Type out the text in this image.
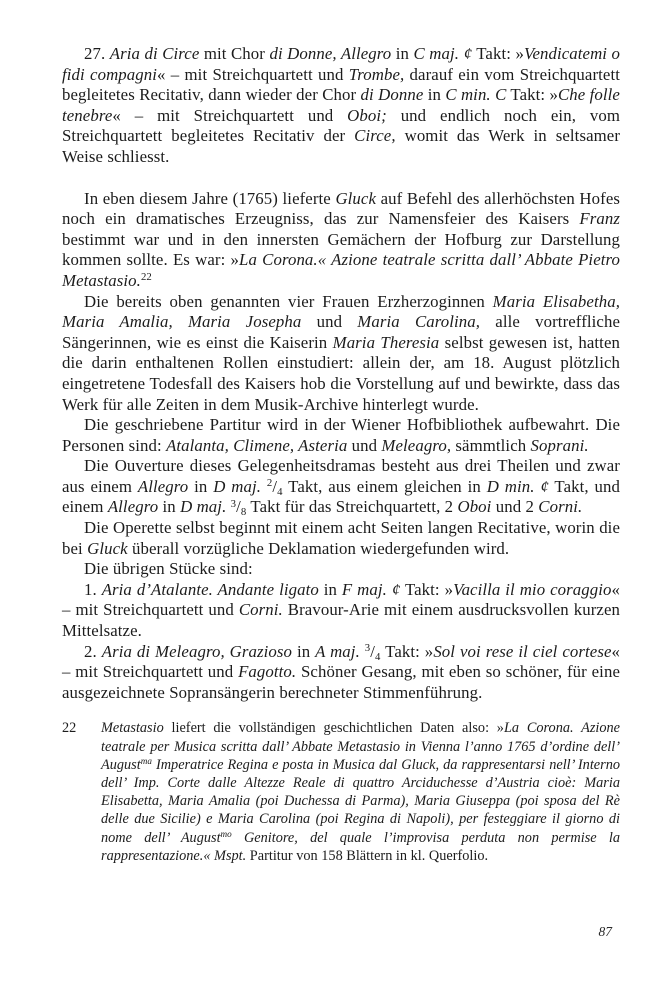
27. Aria di Circe mit Chor di Donne, Allegro in C maj. ¢ Takt: »Vendicatemi o fidi compagni« – mit Streichquartett und Trombe, darauf ein vom Streichquartett begleitetes Recitativ, dann wieder der Chor di Donne in C min. C Takt: »Che folle tenebre« – mit Streichquartett und Oboi; und endlich noch ein, vom Streichquartett begleitetes Recitativ der Circe, womit das Werk in seltsamer Weise schliesst.

In eben diesem Jahre (1765) lieferte Gluck auf Befehl des allerhöchsten Hofes noch ein dramatisches Erzeugniss, das zur Namensfeier des Kaisers Franz bestimmt war und in den innersten Gemächern der Hofburg zur Darstellung kommen sollte. Es war: »La Corona.« Azione teatrale scritta dall’ Abbate Pietro Metastasio.$^{22}$

Die bereits oben genannten vier Frauen Erzherzoginnen Maria Elisabetha, Maria Amalia, Maria Josepha und Maria Carolina, alle vortreffliche Sängerinnen, wie es einst die Kaiserin Maria Theresia selbst gewesen ist, hatten die darin enthaltenen Rollen einstudiert: allein der, am 18. August plötzlich eingetretene Todesfall des Kaisers hob die Vorstellung auf und bewirkte, dass das Werk für alle Zeiten in dem Musik-Archive hinterlegt wurde.

Die geschriebene Partitur wird in der Wiener Hofbibliothek aufbewahrt. Die Personen sind: Atalanta, Climene, Asteria und Meleagro, sämmtlich Soprani.

Die Ouverture dieses Gelegenheitsdramas besteht aus drei Theilen und zwar aus einem Allegro in D maj. $^2/_4$ Takt, aus einem gleichen in D min. ¢ Takt, und einem Allegro in D maj. $^3/_8$ Takt für das Streichquartett, 2 Oboi und 2 Corni.

Die Operette selbst beginnt mit einem acht Seiten langen Recitative, worin die bei Gluck überall vorzügliche Deklamation wiedergefunden wird.

Die übrigen Stücke sind:

1. Aria d’Atalante. Andante ligato in F maj. ¢ Takt: »Vacilla il mio coraggio« – mit Streichquartett und Corni. Bravour-Arie mit einem ausdrucksvollen kurzen Mittelsatze.

2. Aria di Meleagro, Grazioso in A maj. $^3/_4$ Takt: »Sol voi rese il ciel cortese« – mit Streichquartett und Fagotto. Schöner Gesang, mit eben so schöner, für eine ausgezeichnete Sopransängerin berechneter Stimmenführung.

22	Metastasio liefert die vollständigen geschichtlichen Daten also: »La Corona. Azione teatrale per Musica scritta dall’ Abbate Metastasio in Vienna l’anno 1765 d’ordine dell’ August$^{ma}$ Imperatrice Regina e posta in Musica dal Gluck, da rappresentarsi nell’ Interno dell’ Imp. Corte dalle Altezze Reale di quattro Arciduchesse d’Austria cioè: Maria Elisabetta, Maria Amalia (poi Duchessa di Parma), Maria Giuseppa (poi sposa del Rè delle due Sicilie) e Maria Carolina (poi Regina di Napoli), per festeggiare il giorno di nome dell’ August$^{mo}$ Genitore, del quale l’improvisa perduta non permise la rappresentazione.« Mspt. Partitur von 158 Blättern in kl. Querfolio.
87
